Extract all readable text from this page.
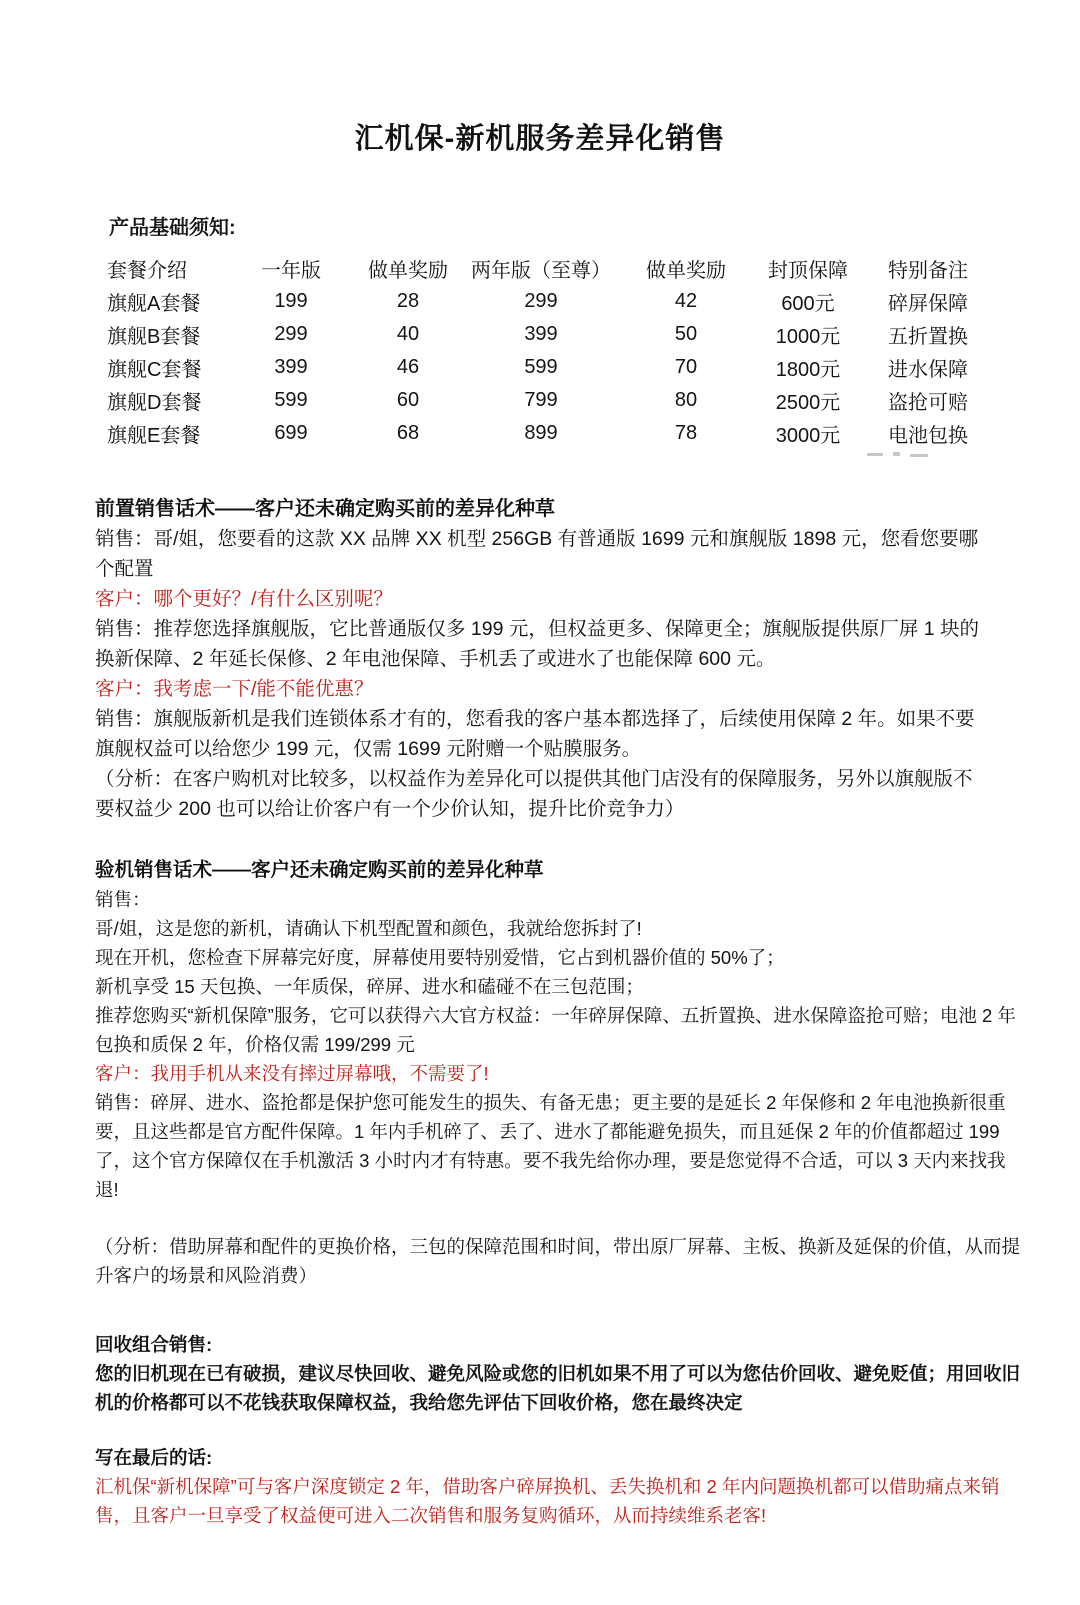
汇机保-新机服务差异化销售
产品基础须知:
套餐介绍	一年版	做单奖励	两年版（至尊）	做单奖励	封顶保障	特别备注
旗舰A套餐	199	28	299	42	600元	碎屏保障
旗舰B套餐	299	40	399	50	1000元	五折置换
旗舰C套餐	399	46	599	70	1800元	进水保障
旗舰D套餐	599	60	799	80	2500元	盗抢可赔
旗舰E套餐	699	68	899	78	3000元	电池包换
前置销售话术——客户还未确定购买前的差异化种草

销售：哥/姐，您要看的这款 XX 品牌 XX 机型 256GB 有普通版 1699 元和旗舰版 1898 元，您看您要哪个配置

客户：哪个更好？/有什么区别呢？

销售：推荐您选择旗舰版，它比普通版仅多 199 元，但权益更多、保障更全；旗舰版提供原厂屏 1 块的换新保障、2 年延长保修、2 年电池保障、手机丢了或进水了也能保障 600 元。

客户：我考虑一下/能不能优惠？

销售：旗舰版新机是我们连锁体系才有的，您看我的客户基本都选择了，后续使用保障 2 年。如果不要旗舰权益可以给您少 199 元，仅需 1699 元附赠一个贴膜服务。

（分析：在客户购机对比较多，以权益作为差异化可以提供其他门店没有的保障服务，另外以旗舰版不要权益少 200 也可以给让价客户有一个少价认知，提升比价竞争力）

验机销售话术——客户还未确定购买前的差异化种草

销售：

哥/姐，这是您的新机，请确认下机型配置和颜色，我就给您拆封了!

现在开机，您检查下屏幕完好度，屏幕使用要特别爱惜，它占到机器价值的 50%了；

新机享受 15 天包换、一年质保，碎屏、进水和磕碰不在三包范围；

推荐您购买“新机保障”服务，它可以获得六大官方权益：一年碎屏保障、五折置换、进水保障盗抢可赔；电池 2 年包换和质保 2 年，价格仅需 199/299 元

客户：我用手机从来没有摔过屏幕哦，不需要了!

销售：碎屏、进水、盗抢都是保护您可能发生的损失、有备无患；更主要的是延长 2 年保修和 2 年电池换新很重要，且这些都是官方配件保障。1 年内手机碎了、丢了、进水了都能避免损失，而且延保 2 年的价值都超过 199 了，这个官方保障仅在手机激活 3 小时内才有特惠。要不我先给你办理，要是您觉得不合适，可以 3 天内来找我退!

（分析：借助屏幕和配件的更换价格，三包的保障范围和时间，带出原厂屏幕、主板、换新及延保的价值，从而提升客户的场景和风险消费）

回收组合销售:

您的旧机现在已有破损，建议尽快回收、避免风险或您的旧机如果不用了可以为您估价回收、避免贬值；用回收旧机的价格都可以不花钱获取保障权益，我给您先评估下回收价格，您在最终决定

写在最后的话:

汇机保“新机保障”可与客户深度锁定 2 年，借助客户碎屏换机、丢失换机和 2 年内问题换机都可以借助痛点来销售，且客户一旦享受了权益便可进入二次销售和服务复购循环，从而持续维系老客!
